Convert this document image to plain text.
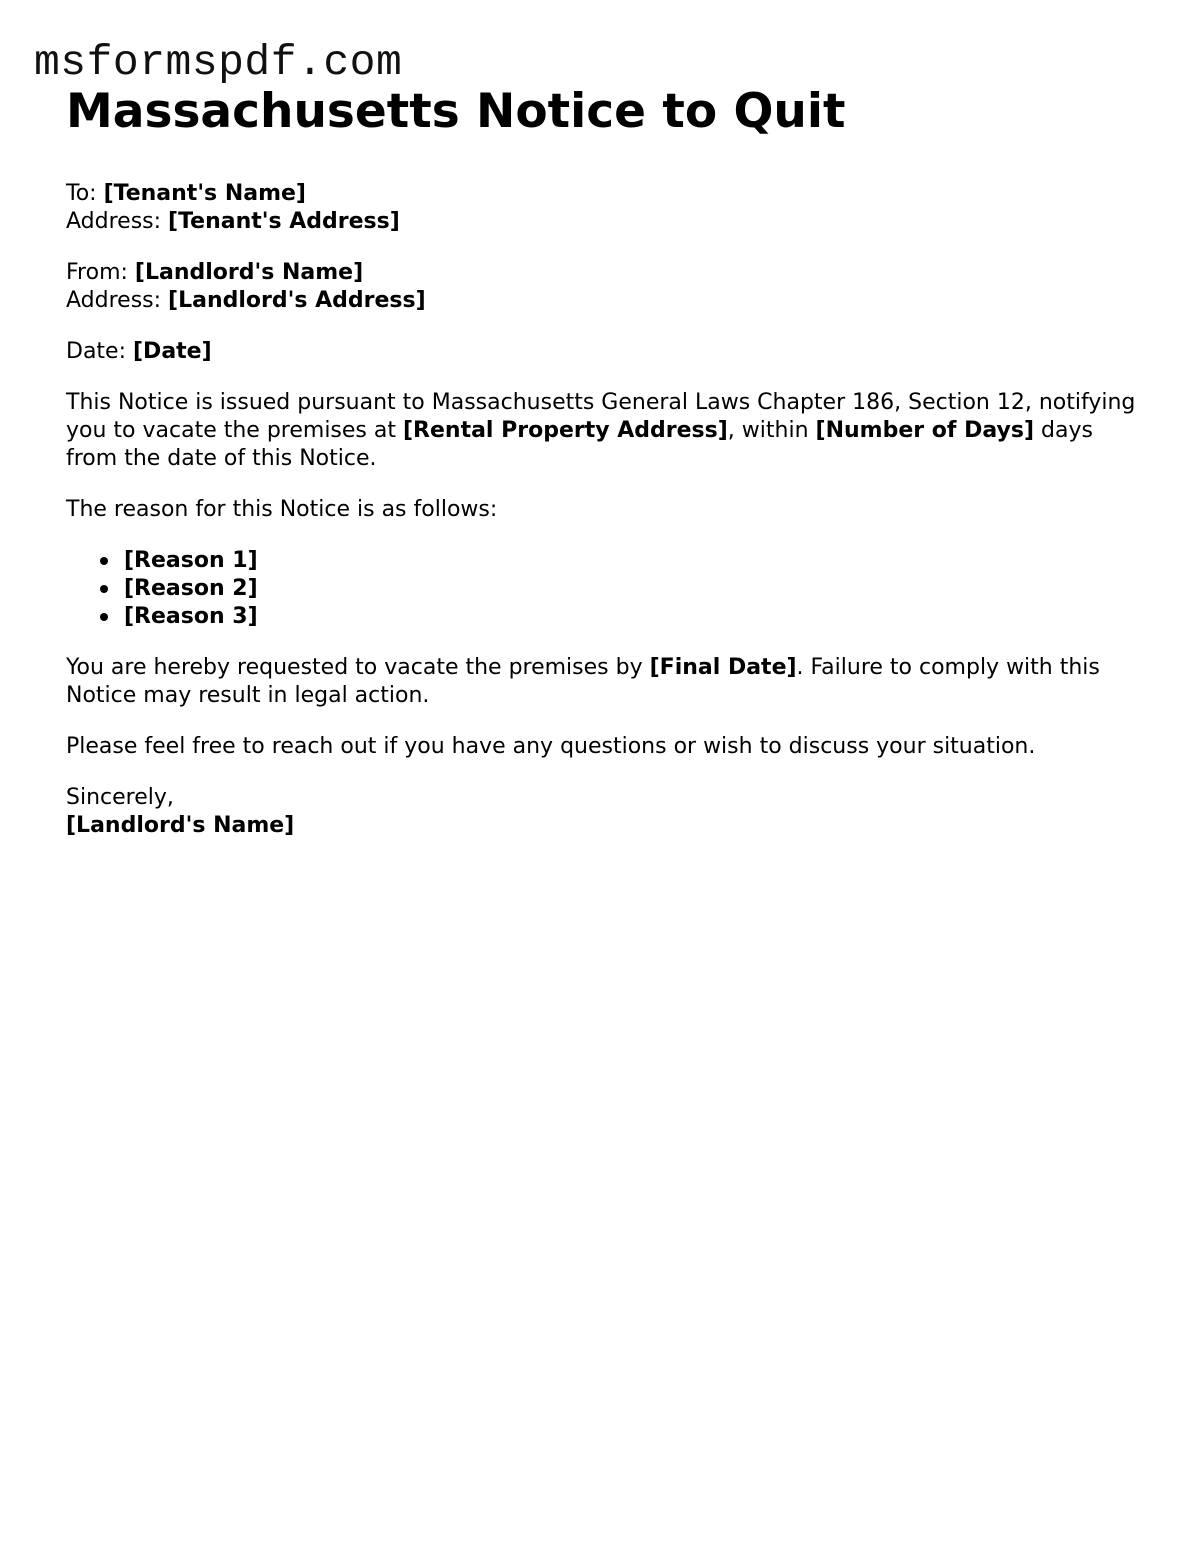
msformspdf.com
Massachusetts Notice to Quit

To: [Tenant's Name]
Address: [Tenant's Address]

From: [Landlord's Name]
Address: [Landlord's Address]

Date: [Date]

This Notice is issued pursuant to Massachusetts General Laws Chapter 186, Section 12, notifying you to vacate the premises at [Rental Property Address], within [Number of Days] days from the date of this Notice.

The reason for this Notice is as follows:

[Reason 1]
[Reason 2]
[Reason 3]

You are hereby requested to vacate the premises by [Final Date]. Failure to comply with this Notice may result in legal action.

Please feel free to reach out if you have any questions or wish to discuss your situation.

Sincerely,
[Landlord's Name]
